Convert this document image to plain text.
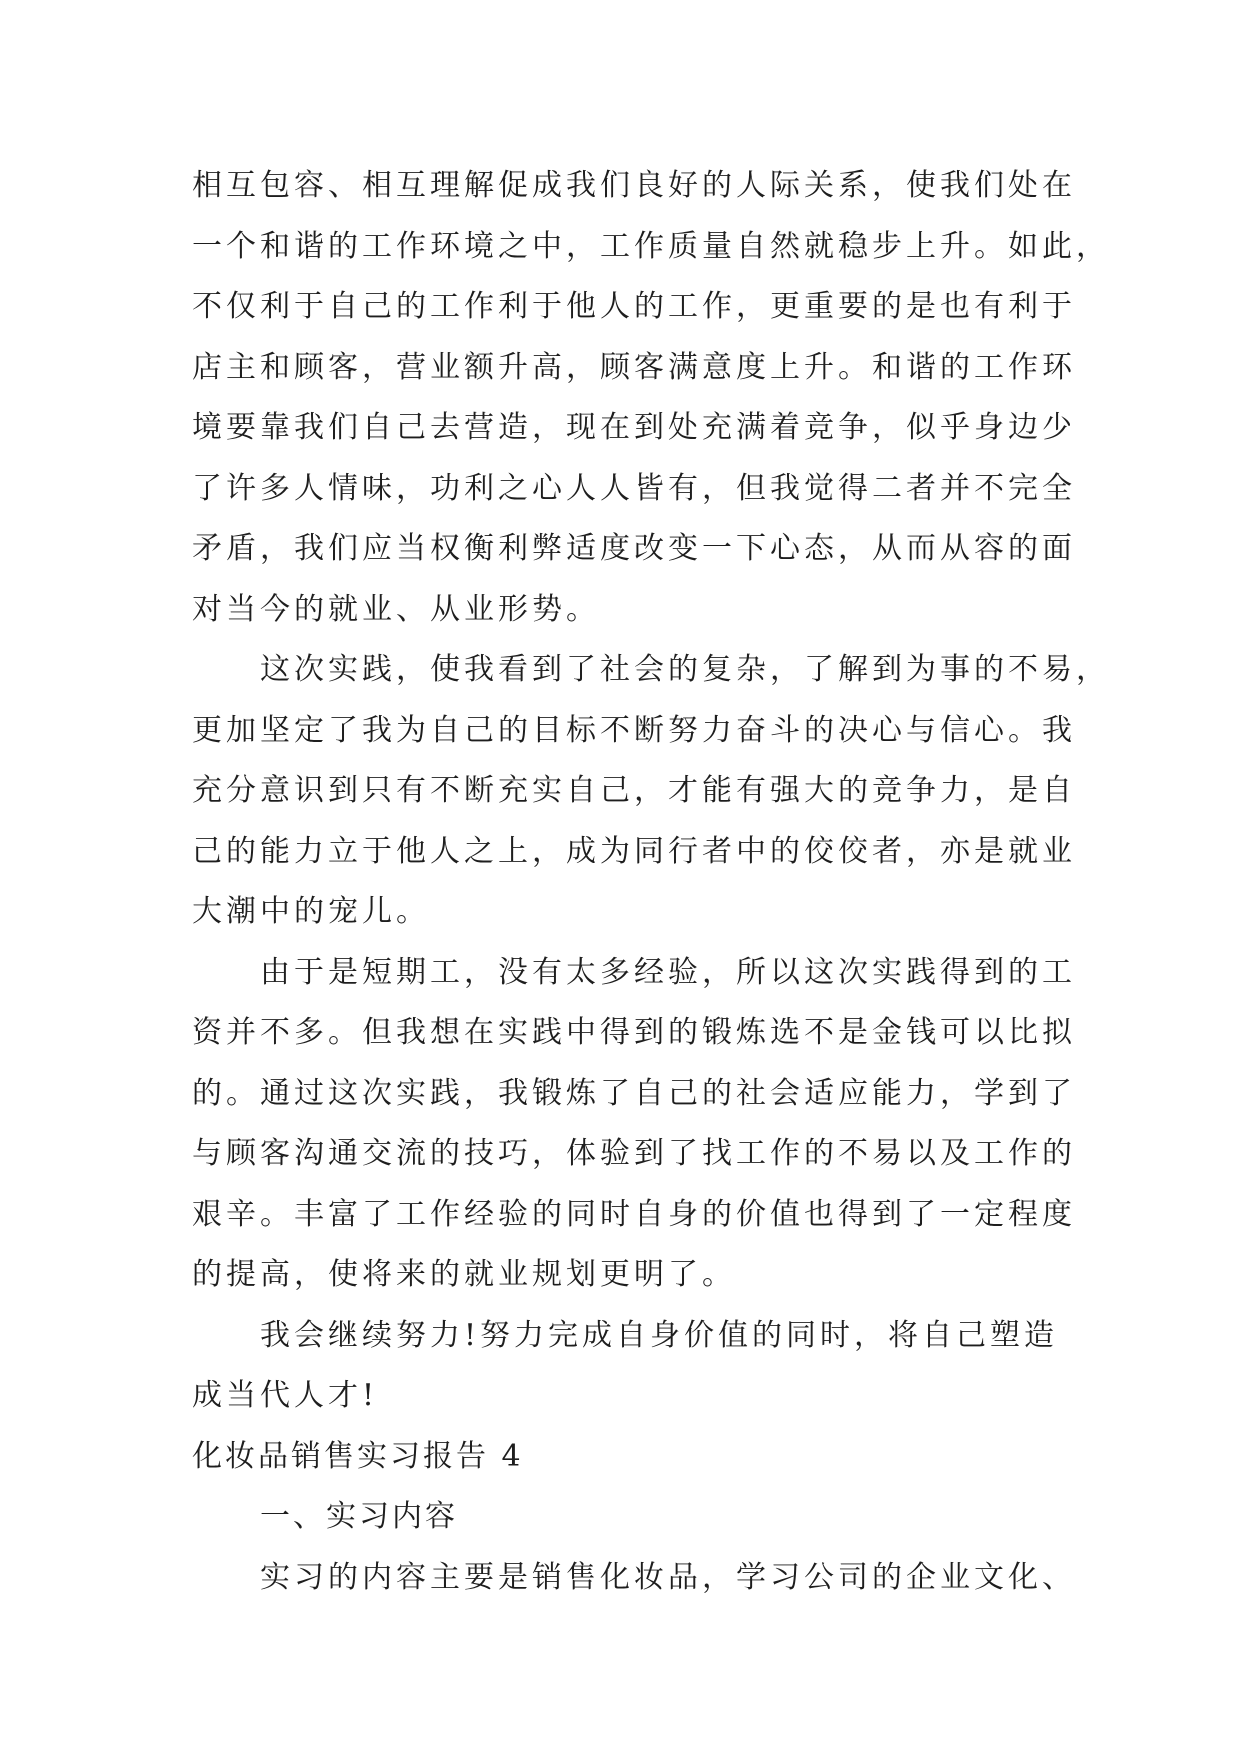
相互包容、相互理解促成我们良好的人际关系，使我们处在
一个和谐的工作环境之中，工作质量自然就稳步上升。如此，
不仅利于自己的工作利于他人的工作，更重要的是也有利于
店主和顾客，营业额升高，顾客满意度上升。和谐的工作环
境要靠我们自己去营造，现在到处充满着竞争，似乎身边少
了许多人情味，功利之心人人皆有，但我觉得二者并不完全
矛盾，我们应当权衡利弊适度改变一下心态，从而从容的面
对当今的就业、从业形势。
这次实践，使我看到了社会的复杂，了解到为事的不易，
更加坚定了我为自己的目标不断努力奋斗的决心与信心。我
充分意识到只有不断充实自己，才能有强大的竞争力，是自
己的能力立于他人之上，成为同行者中的佼佼者，亦是就业
大潮中的宠儿。
由于是短期工，没有太多经验，所以这次实践得到的工
资并不多。但我想在实践中得到的锻炼选不是金钱可以比拟
的。通过这次实践，我锻炼了自己的社会适应能力，学到了
与顾客沟通交流的技巧，体验到了找工作的不易以及工作的
艰辛。丰富了工作经验的同时自身的价值也得到了一定程度
的提高，使将来的就业规划更明了。
我会继续努力!努力完成自身价值的同时，将自己塑造
成当代人才!
化妆品销售实习报告 4
一、实习内容
实习的内容主要是销售化妆品，学习公司的企业文化、
